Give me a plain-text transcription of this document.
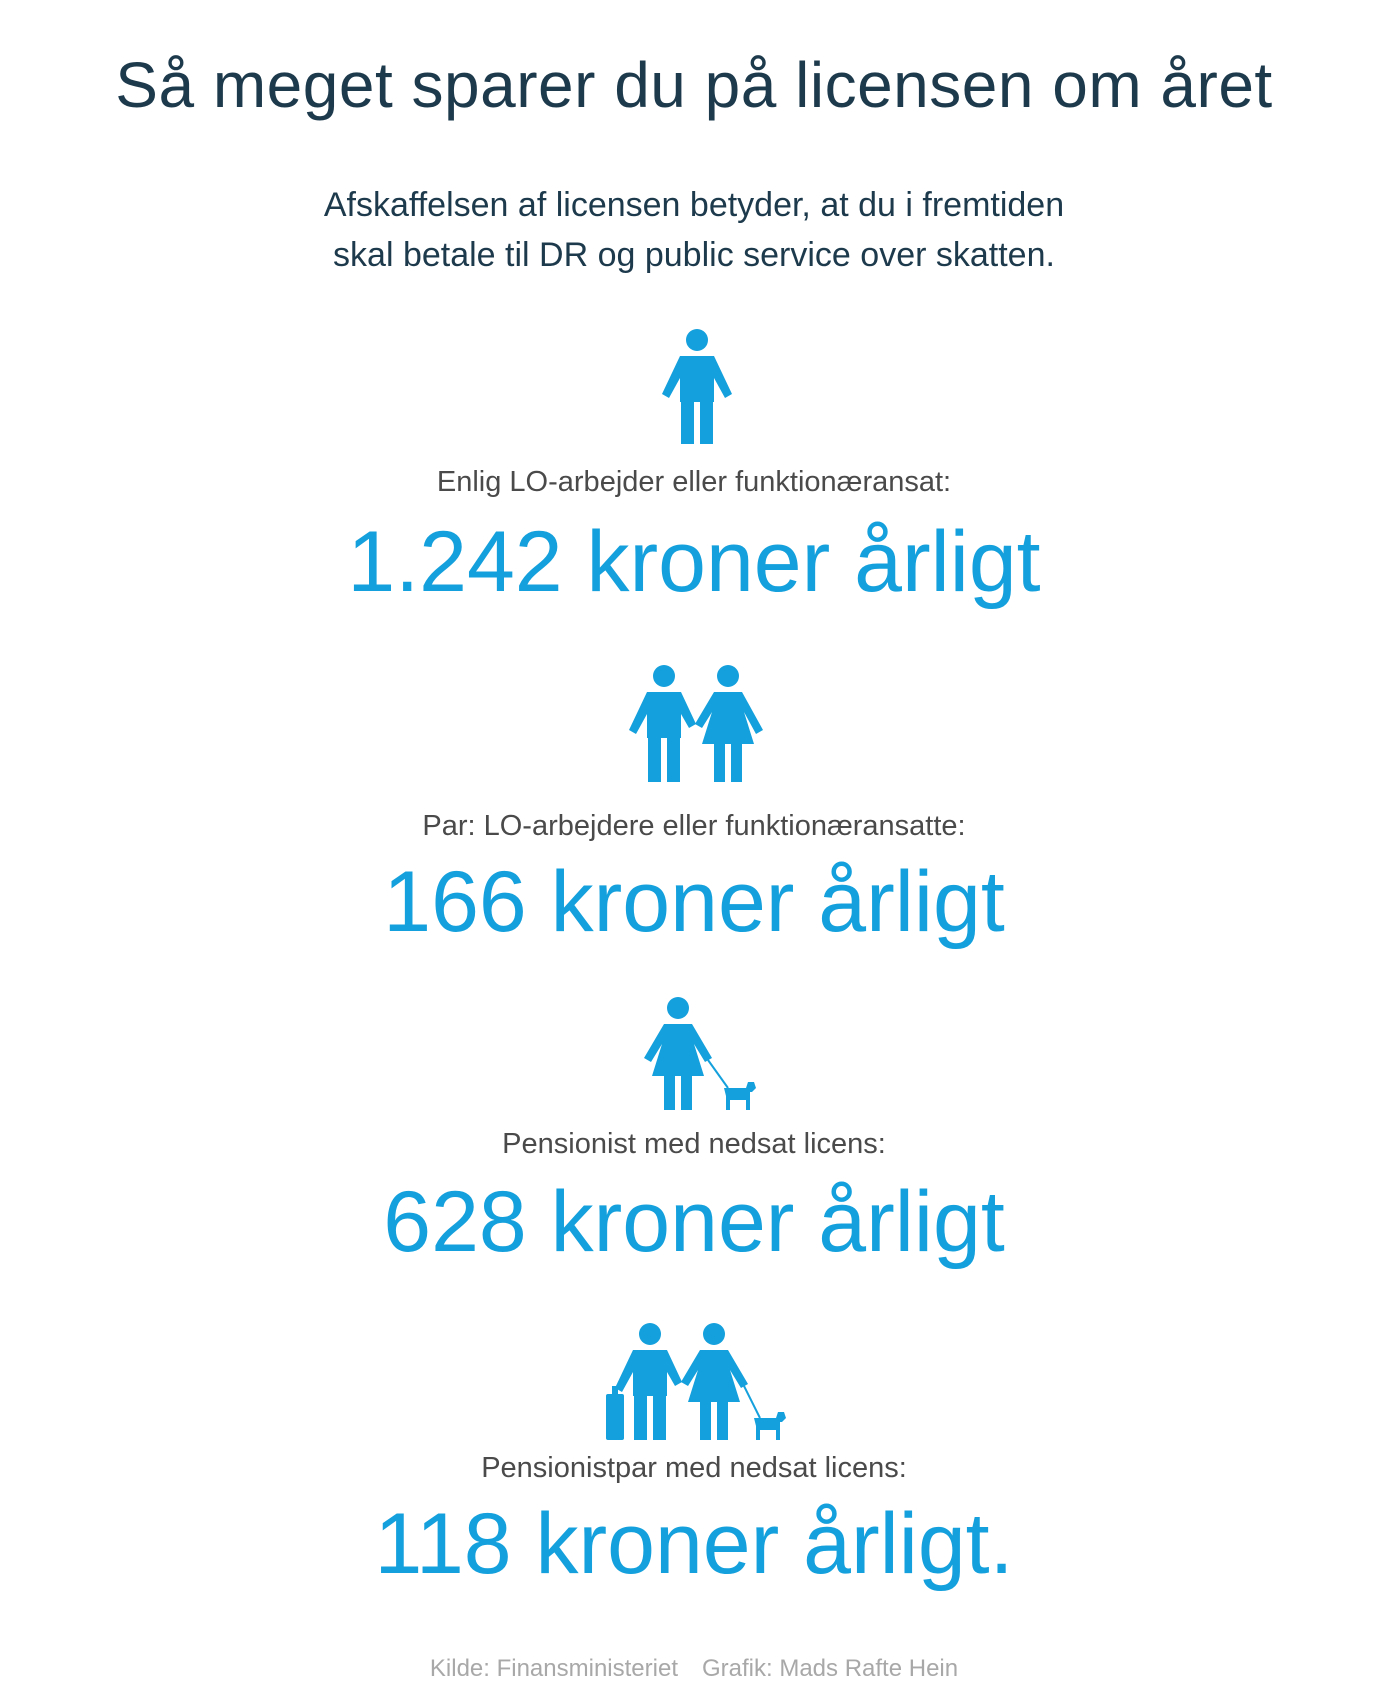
Så meget sparer du på licensen om året
Afskaffelsen af licensen betyder, at du i fremtiden
skal betale til DR og public service over skatten.
Enlig LO-arbejder eller funktionæransat:
1.242 kroner årligt
Par: LO-arbejdere eller funktionæransatte:
166 kroner årligt
Pensionist med nedsat licens:
628 kroner årligt
Pensionistpar med nedsat licens:
118 kroner årligt.
Kilde: Finansministeriet Grafik: Mads Rafte Hein
